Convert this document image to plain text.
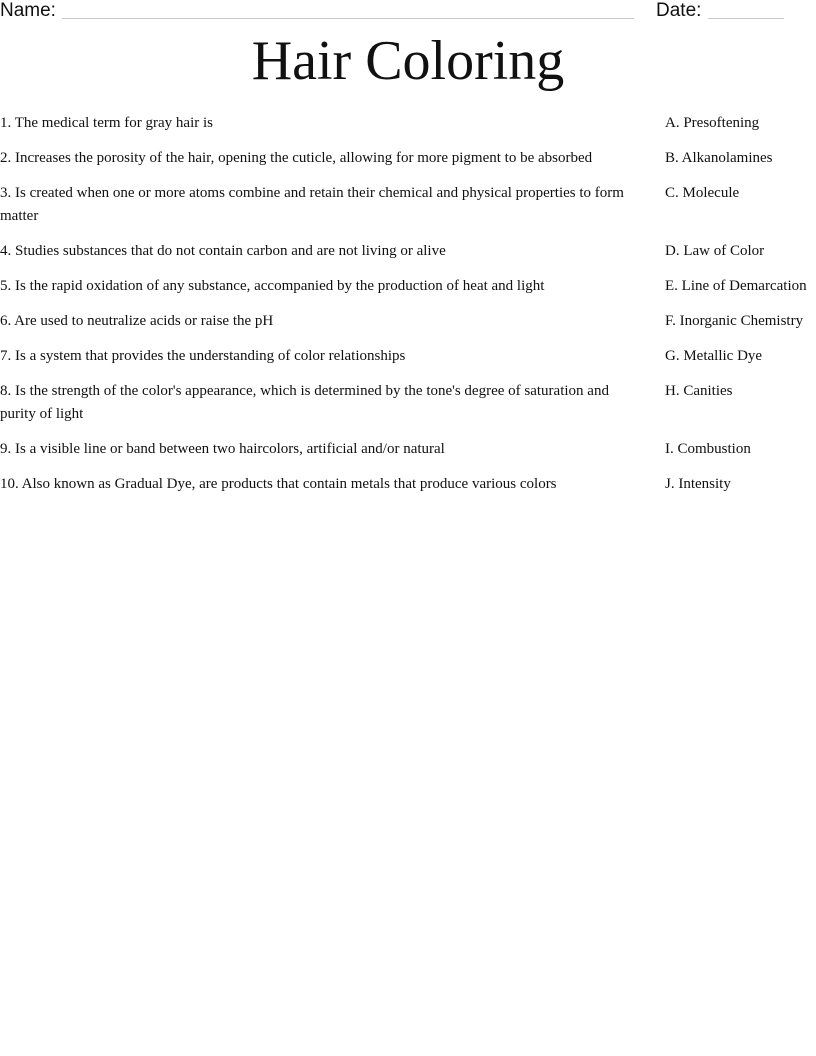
Name:	Date:
Hair Coloring
1. The medical term for gray hair is
2. Increases the porosity of the hair, opening the cuticle, allowing for more pigment to be absorbed
3. Is created when one or more atoms combine and retain their chemical and physical properties to form matter
4. Studies substances that do not contain carbon and are not living or alive
5. Is the rapid oxidation of any substance, accompanied by the production of heat and light
6. Are used to neutralize acids or raise the pH
7. Is a system that provides the understanding of color relationships
8. Is the strength of the color's appearance, which is determined by the tone's degree of saturation and purity of light
9. Is a visible line or band between two haircolors, artificial and/or natural
10. Also known as Gradual Dye, are products that contain metals that produce various colors
A. Presoftening
B. Alkanolamines
C. Molecule
D. Law of Color
E. Line of Demarcation
F. Inorganic Chemistry
G. Metallic Dye
H. Canities
I. Combustion
J. Intensity
